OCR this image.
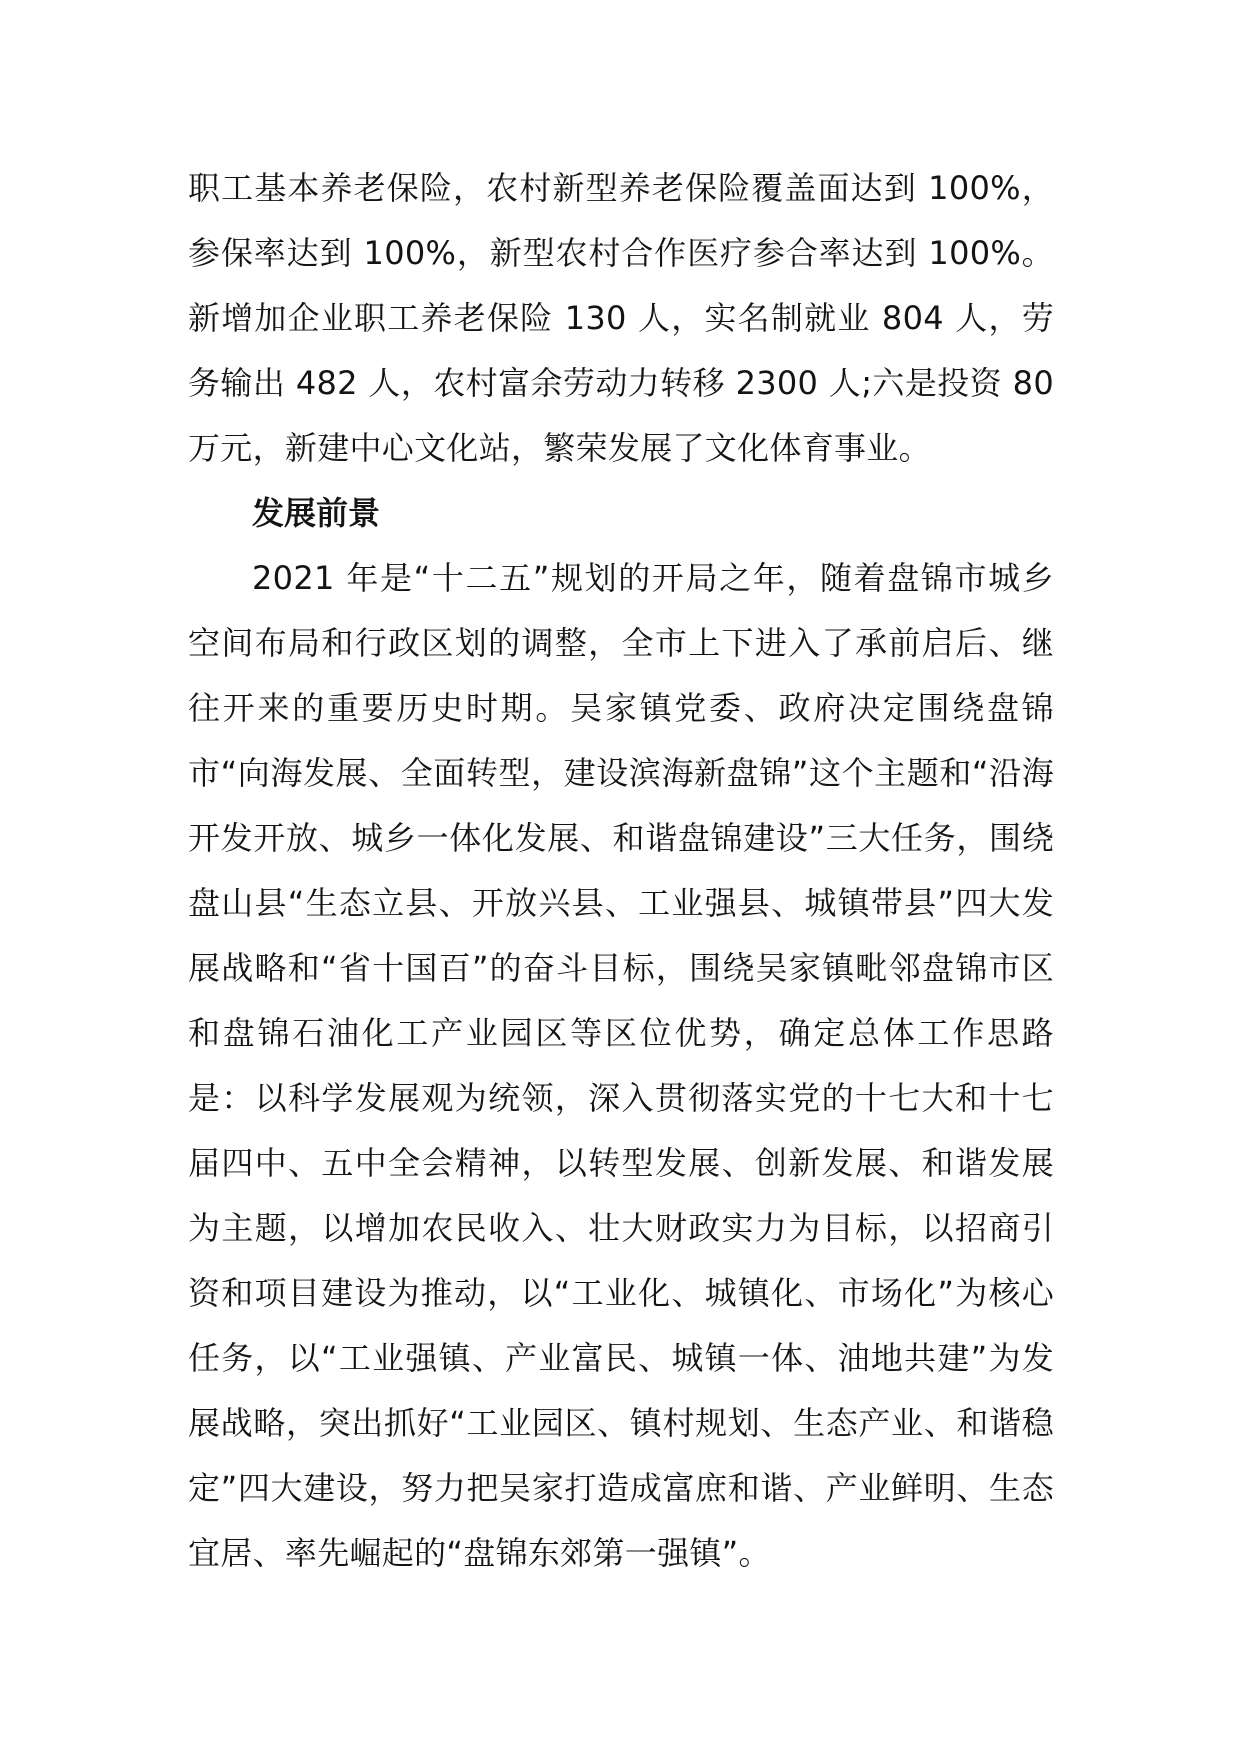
职工基本养老保险，农村新型养老保险覆盖面达到 100%，参保率达到 100%，新型农村合作医疗参合率达到 100%。新增加企业职工养老保险 130 人，实名制就业 804 人，劳务输出 482 人，农村富余劳动力转移 2300 人;六是投资 80 万元，新建中心文化站，繁荣发展了文化体育事业。

发展前景

2021 年是“十二五”规划的开局之年，随着盘锦市城乡空间布局和行政区划的调整，全市上下进入了承前启后、继往开来的重要历史时期。吴家镇党委、政府决定围绕盘锦市“向海发展、全面转型，建设滨海新盘锦”这个主题和“沿海开发开放、城乡一体化发展、和谐盘锦建设”三大任务，围绕盘山县“生态立县、开放兴县、工业强县、城镇带县”四大发展战略和“省十国百”的奋斗目标，围绕吴家镇毗邻盘锦市区和盘锦石油化工产业园区等区位优势，确定总体工作思路是：以科学发展观为统领，深入贯彻落实党的十七大和十七届四中、五中全会精神，以转型发展、创新发展、和谐发展为主题，以增加农民收入、壮大财政实力为目标，以招商引资和项目建设为推动，以“工业化、城镇化、市场化”为核心任务，以“工业强镇、产业富民、城镇一体、油地共建”为发展战略，突出抓好“工业园区、镇村规划、生态产业、和谐稳定”四大建设，努力把吴家打造成富庶和谐、产业鲜明、生态宜居、率先崛起的“盘锦东郊第一强镇”。
